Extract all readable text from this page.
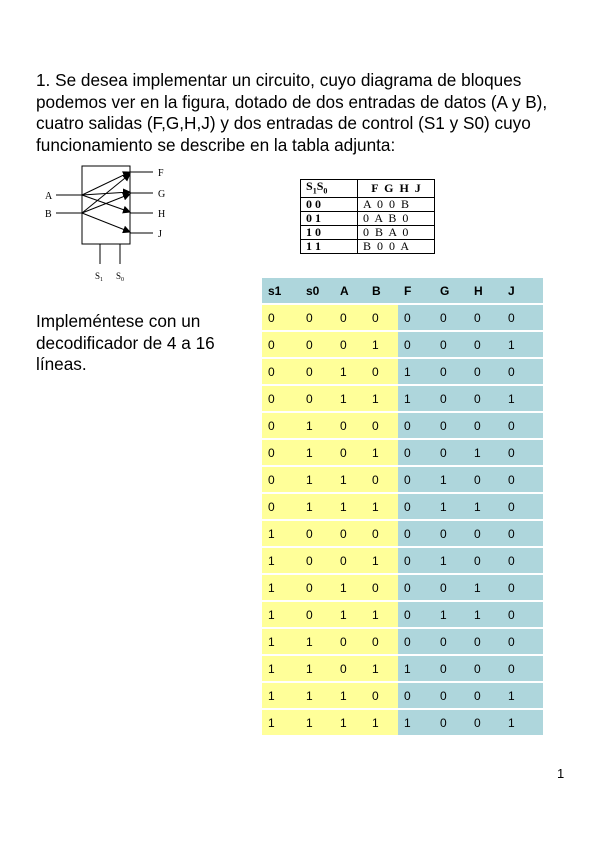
1. Se desea implementar un circuito, cuyo diagrama de bloques podemos ver en la figura, dotado de dos entradas de datos (A y B), cuatro salidas (F,G,H,J) y dos entradas de control (S1 y S0) cuyo funcionamiento se describe en la tabla adjunta:
A
B
F
G
H
J
$S_1$ $S_0$
$S_1S_0$	F G H J
0 0	A 0 0 B
0 1	0 A B 0
1 0	0 B A 0
1 1	B 0 0 A
Impleméntese con un decodificador de 4 a 16 líneas.
s1	s0	A	B	F	G	H	J
0	0	0	0	0	0	0	0
0	0	0	1	0	0	0	1
0	0	1	0	1	0	0	0
0	0	1	1	1	0	0	1
0	1	0	0	0	0	0	0
0	1	0	1	0	0	1	0
0	1	1	0	0	1	0	0
0	1	1	1	0	1	1	0
1	0	0	0	0	0	0	0
1	0	0	1	0	1	0	0
1	0	1	0	0	0	1	0
1	0	1	1	0	1	1	0
1	1	0	0	0	0	0	0
1	1	0	1	1	0	0	0
1	1	1	0	0	0	0	1
1	1	1	1	1	0	0	1
1
